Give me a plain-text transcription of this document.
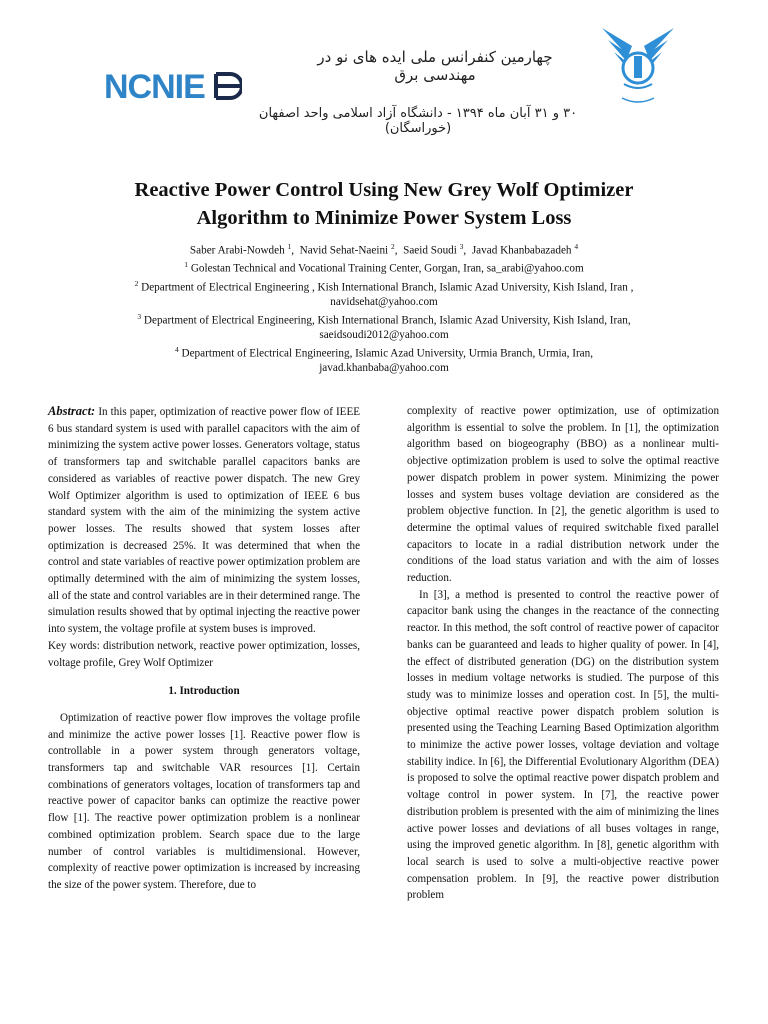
NCNIE
چهارمین کنفرانس ملی ایده های نو در مهندسی برق
۳۰ و ۳۱ آبان ماه ۱۳۹۴ - دانشگاه آزاد اسلامی واحد اصفهان (خوراسگان)
Reactive Power Control Using New Grey Wolf Optimizer
Algorithm to Minimize Power System Loss
Saber Arabi-Nowdeh $^1$,  Navid Sehat-Naeini $^2$,  Saeid Soudi $^3$,  Javad Khanbabazadeh $^4$
$^1$ Golestan Technical and Vocational Training Center, Gorgan, Iran, sa_arabi@yahoo.com
$^2$ Department of Electrical Engineering , Kish International Branch, Islamic Azad University, Kish Island, Iran ,
navidsehat@yahoo.com
$^3$ Department of Electrical Engineering, Kish International Branch, Islamic Azad University, Kish Island, Iran,
saeidsoudi2012@yahoo.com
$^4$ Department of Electrical Engineering, Islamic Azad University, Urmia Branch, Urmia, Iran,
javad.khanbaba@yahoo.com

Abstract: In this paper, optimization of reactive power flow of IEEE 6 bus standard system is used with parallel capacitors with the aim of minimizing the system active power losses. Generators voltage, status of transformers tap and switchable parallel capacitors banks are considered as variables of reactive power dispatch. The new Grey Wolf Optimizer algorithm is used to optimization of IEEE 6 bus standard system with the aim of the minimizing the system active power losses. The results showed that system losses after optimization is decreased 25%. It was determined that when the control and state variables of reactive power optimization problem are optimally determined with the aim of minimizing the system losses, all of the state and control variables are in their determined range. The simulation results showed that by optimal injecting the reactive power into system, the voltage profile at system buses is improved.

Key words: distribution network, reactive power optimization, losses, voltage profile, Grey Wolf Optimizer

1. Introduction

Optimization of reactive power flow improves the voltage profile and minimize the active power losses [1]. Reactive power flow is controllable in a power system through generators voltage, transformers tap and switchable VAR resources [1]. Certain combinations of generators voltages, location of transformers tap and reactive power of capacitor banks can optimize the reactive power flow [1]. The reactive power optimization problem is a nonlinear combined optimization problem. Search space due to the large number of control variables is multidimensional. However, complexity of reactive power optimization is increased by increasing the size of the power system. Therefore, due to

complexity of reactive power optimization, use of optimization algorithm is essential to solve the problem. In [1], the optimization algorithm based on biogeography (BBO) as a nonlinear multi-objective optimization problem is used to solve the optimal reactive power dispatch problem in power system. Minimizing the power losses and system buses voltage deviation are considered as the problem objective function. In [2], the genetic algorithm is used to determine the optimal values of required switchable fixed parallel capacitors to locate in a radial distribution network under the conditions of the load status variation and with the aim of losses reduction.

In [3], a method is presented to control the reactive power of capacitor bank using the changes in the reactance of the connecting reactor. In this method, the soft control of reactive power of capacitor banks can be guaranteed and leads to higher quality of power. In [4], the effect of distributed generation (DG) on the distribution system losses in medium voltage networks is studied. The purpose of this study was to minimize losses and operation cost. In [5], the multi-objective optimal reactive power dispatch problem solution is presented using the Teaching Learning Based Optimization algorithm to minimize the active power losses, voltage deviation and voltage stability indice. In [6], the Differential Evolutionary Algorithm (DEA) is proposed to solve the optimal reactive power dispatch problem and voltage control in power system. In [7], the reactive power distribution problem is presented with the aim of minimizing the lines active power losses and deviations of all buses voltages in range, using the improved genetic algorithm. In [8], genetic algorithm with local search is used to solve a multi-objective reactive power compensation problem. In [9], the reactive power distribution problem
